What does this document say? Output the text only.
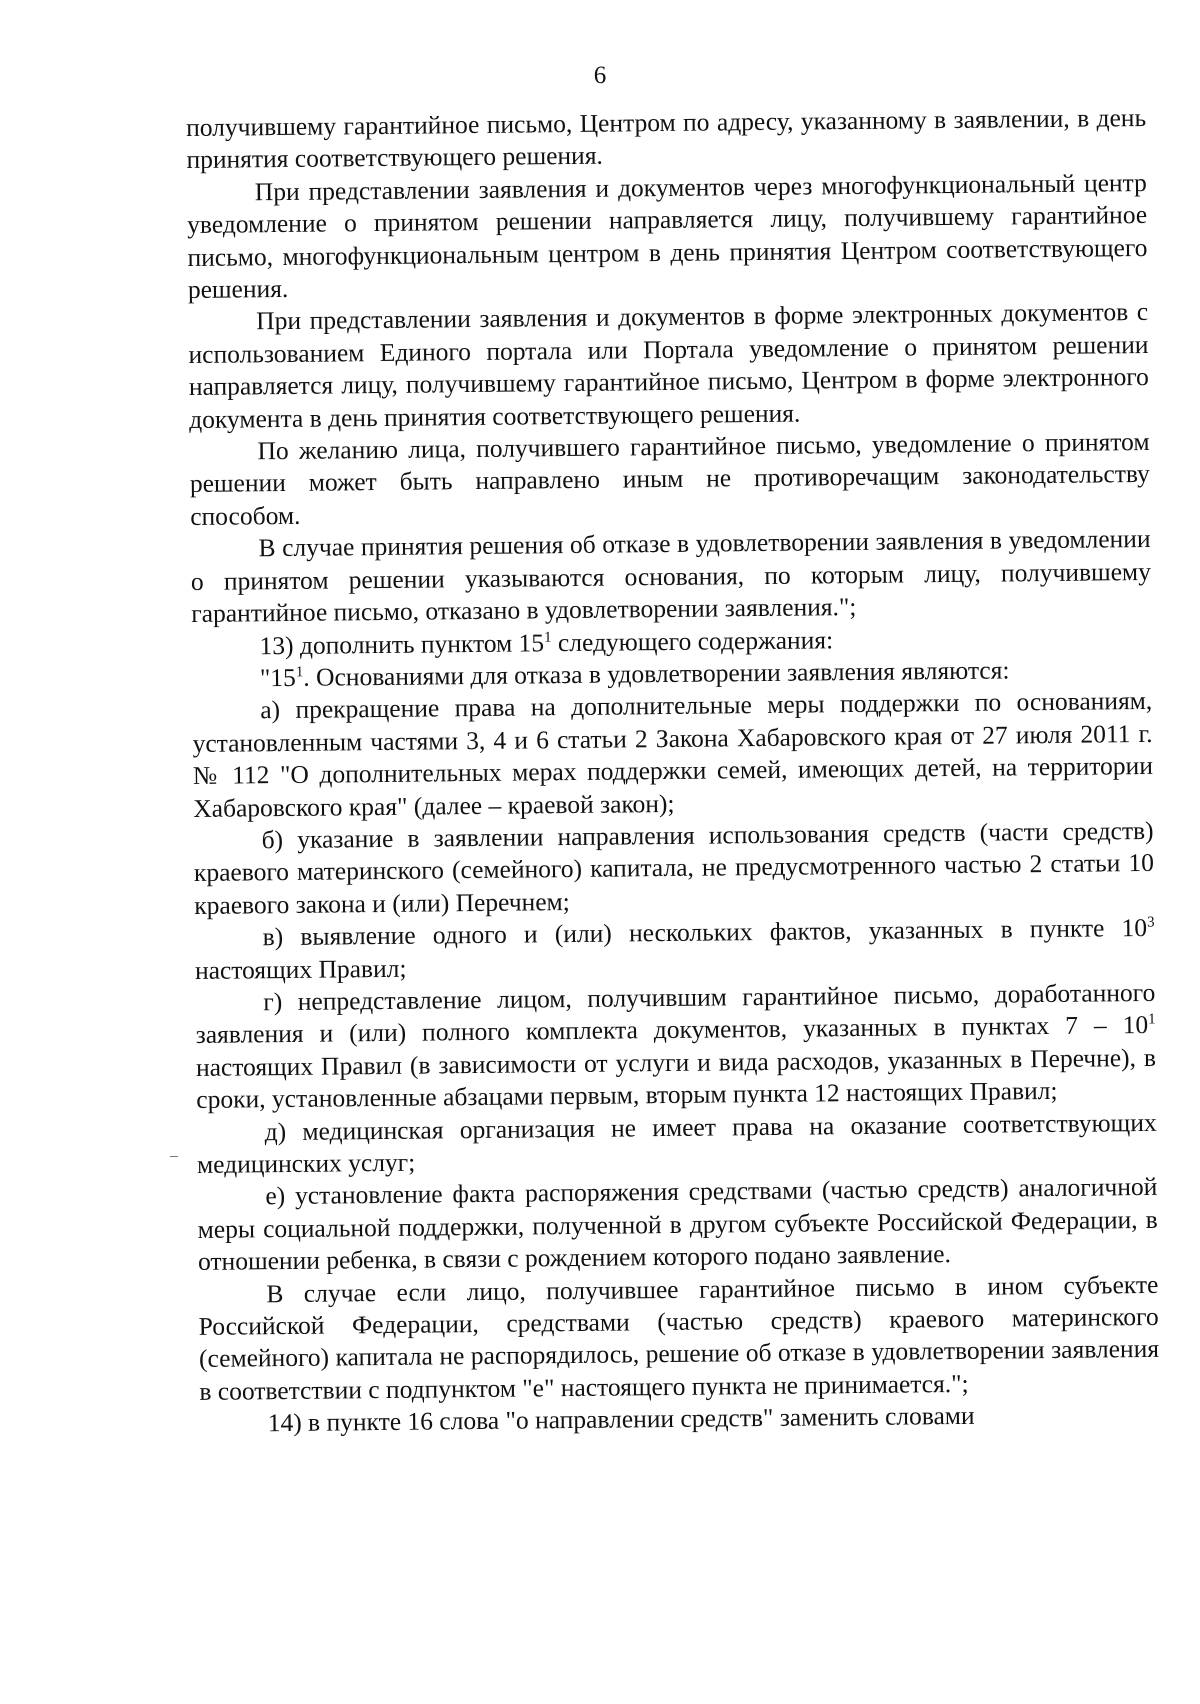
6

получившему гарантийное письмо, Центром по адресу, указанному в заявлении, в день принятия соответствующего решения.

При представлении заявления и документов через многофункциональный центр уведомление о принятом решении направляется лицу, получившему гарантийное письмо, многофункциональным центром в день принятия Центром соответствующего решения.

При представлении заявления и документов в форме электронных документов с использованием Единого портала или Портала уведомление о принятом решении направляется лицу, получившему гарантийное письмо, Центром в форме электронного документа в день принятия соответствующего решения.

По желанию лица, получившего гарантийное письмо, уведомление о принятом решении может быть направлено иным не противоречащим законодательству способом.

В случае принятия решения об отказе в удовлетворении заявления в уведомлении о принятом решении указываются основания, по которым лицу, получившему гарантийное письмо, отказано в удовлетворении заявления.";

13) дополнить пунктом $15^1$ следующего содержания:

"$15^1$. Основаниями для отказа в удовлетворении заявления являются:

а) прекращение права на дополнительные меры поддержки по основаниям, установленным частями 3, 4 и 6 статьи 2 Закона Хабаровского края от 27 июля 2011 г. № 112 "О дополнительных мерах поддержки семей, имеющих детей, на территории Хабаровского края" (далее – краевой закон);

б) указание в заявлении направления использования средств (части средств) краевого материнского (семейного) капитала, не предусмотренного частью 2 статьи 10 краевого закона и (или) Перечнем;

в) выявление одного и (или) нескольких фактов, указанных в пункте $10^3$ настоящих Правил;

г) непредставление лицом, получившим гарантийное письмо, доработанного заявления и (или) полного комплекта документов, указанных в пунктах $7 - 10^1$ настоящих Правил (в зависимости от услуги и вида расходов, указанных в Перечне), в сроки, установленные абзацами первым, вторым пункта 12 настоящих Правил;

д) медицинская организация не имеет права на оказание соответствующих медицинских услуг;

е) установление факта распоряжения средствами (частью средств) аналогичной меры социальной поддержки, полученной в другом субъекте Российской Федерации, в отношении ребенка, в связи с рождением которого подано заявление.

В случае если лицо, получившее гарантийное письмо в ином субъекте Российской Федерации, средствами (частью средств) краевого материнского (семейного) капитала не распорядилось, решение об отказе в удовлетворении заявления в соответствии с подпунктом "е" настоящего пункта не принимается.";

14) в пункте 16 слова "о направлении средств" заменить словами
